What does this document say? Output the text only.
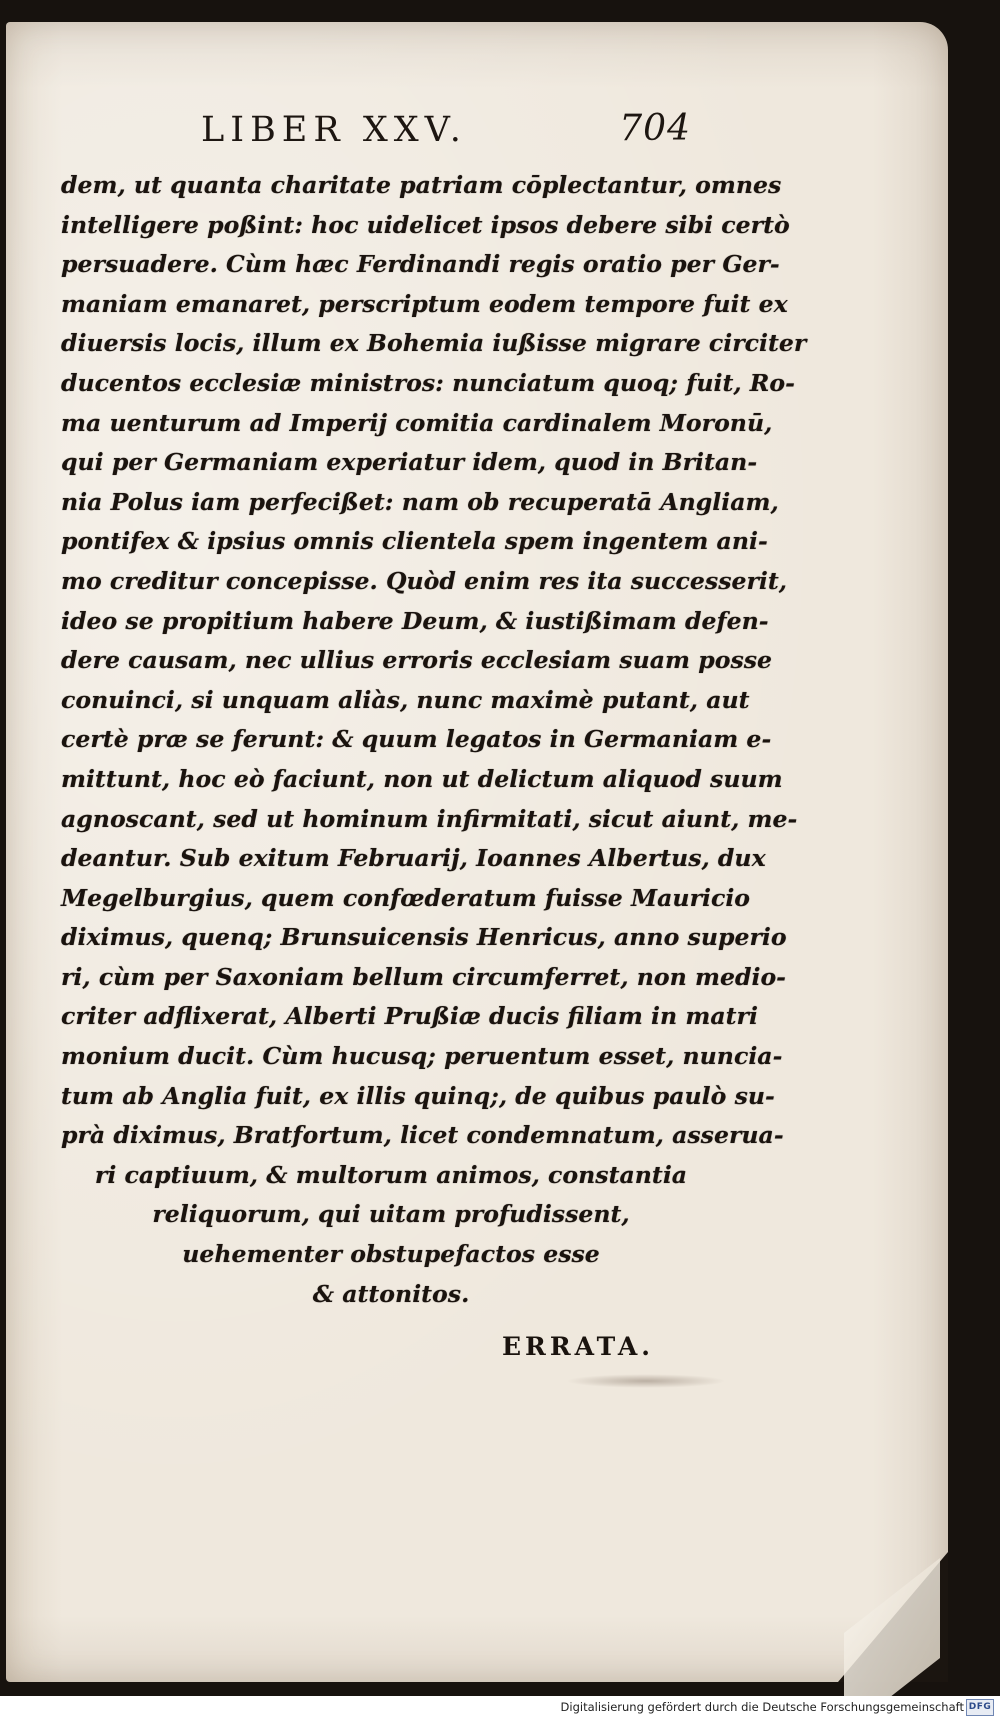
LIBER XXV.	704
dem, ut quanta charitate patriam cōplectantur, omnes
intelligere poßint: hoc uidelicet ipsos debere sibi certò
persuadere. Cùm hæc Ferdinandi regis oratio per Ger-
maniam emanaret, perscriptum eodem tempore fuit ex
diuersis locis, illum ex Bohemia iußisse migrare circiter
ducentos ecclesiæ ministros: nunciatum quoq; fuit, Ro-
ma uenturum ad Imperij comitia cardinalem Moronū,
qui per Germaniam experiatur idem, quod in Britan-
nia Polus iam perfecißet: nam ob recuperatā Angliam,
pontifex & ipsius omnis clientela spem ingentem ani-
mo creditur concepisse. Quòd enim res ita successerit,
ideo se propitium habere Deum, & iustißimam defen-
dere causam, nec ullius erroris ecclesiam suam posse
conuinci, si unquam aliàs, nunc maximè putant, aut
certè præ se ferunt: & quum legatos in Germaniam e-
mittunt, hoc eò faciunt, non ut delictum aliquod suum
agnoscant, sed ut hominum infirmitati, sicut aiunt, me-
deantur. Sub exitum Februarij, Ioannes Albertus, dux
Megelburgius, quem confœderatum fuisse Mauricio
diximus, quenq; Brunsuicensis Henricus, anno superio
ri, cùm per Saxoniam bellum circumferret, non medio-
criter adflixerat, Alberti Prußiæ ducis filiam in matri
monium ducit. Cùm hucusq; peruentum esset, nuncia-
tum ab Anglia fuit, ex illis quinq;, de quibus paulò su-
prà diximus, Bratfortum, licet condemnatum, asserua-
ri captiuum, & multorum animos, constantia
reliquorum, qui uitam profudissent,
uehementer obstupefactos esse
& attonitos.
ERRATA.
Digitalisierung gefördert durch die Deutsche Forschungsgemeinschaft DFG
